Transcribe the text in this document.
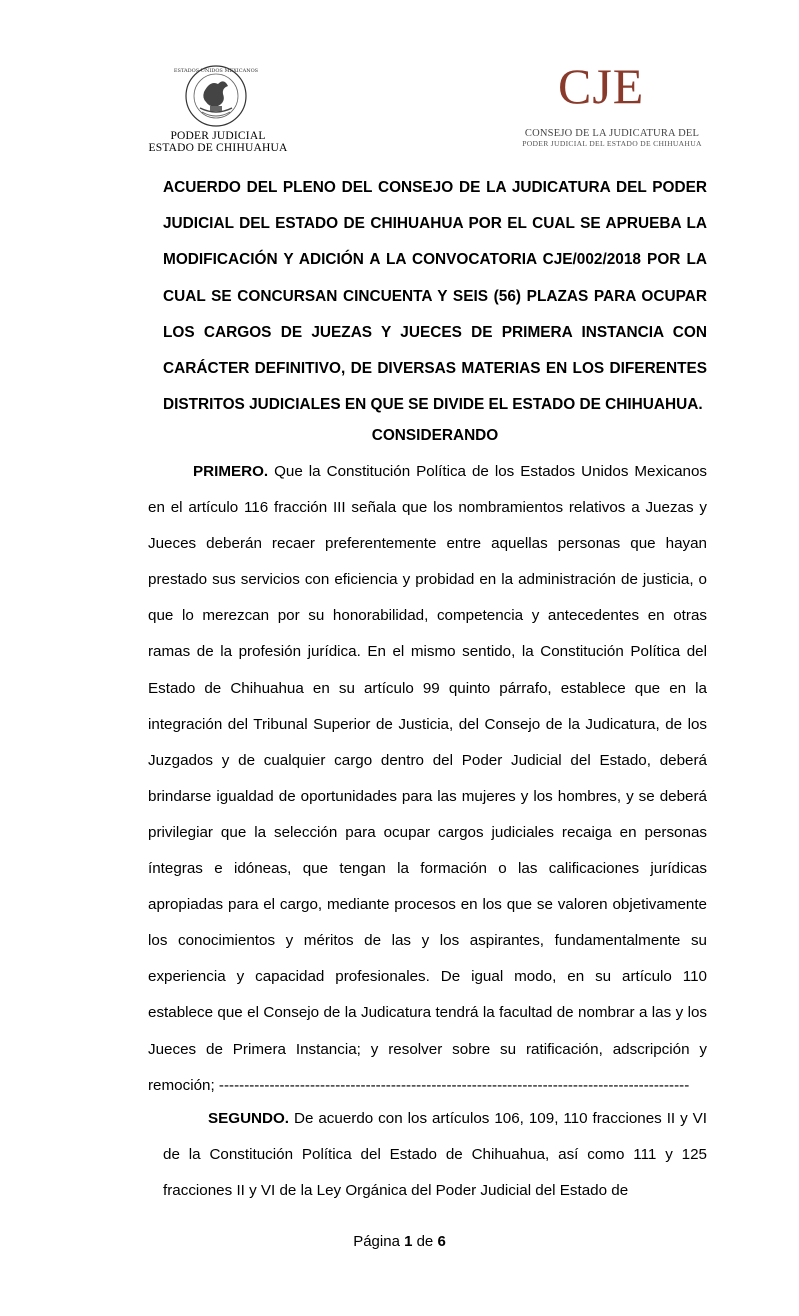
ESTADOS UNIDOS MEXICANOS
PODER JUDICIAL
ESTADO DE CHIHUAHUA
CJE
CONSEJO DE LA JUDICATURA DEL
PODER JUDICIAL DEL ESTADO DE CHIHUAHUA

ACUERDO DEL PLENO DEL CONSEJO DE LA JUDICATURA DEL PODER JUDICIAL DEL ESTADO DE CHIHUAHUA POR EL CUAL SE APRUEBA LA MODIFICACIÓN Y ADICIÓN A LA CONVOCATORIA CJE/002/2018 POR LA CUAL SE CONCURSAN CINCUENTA Y SEIS (56) PLAZAS PARA OCUPAR LOS CARGOS DE JUEZAS Y JUECES DE PRIMERA INSTANCIA CON CARÁCTER DEFINITIVO, DE DIVERSAS MATERIAS EN LOS DIFERENTES DISTRITOS JUDICIALES EN QUE SE DIVIDE EL ESTADO DE CHIHUAHUA.

CONSIDERANDO

PRIMERO. Que la Constitución Política de los Estados Unidos Mexicanos en el artículo 116 fracción III señala que los nombramientos relativos a Juezas y Jueces deberán recaer preferentemente entre aquellas personas que hayan prestado sus servicios con eficiencia y probidad en la administración de justicia, o que lo merezcan por su honorabilidad, competencia y antecedentes en otras ramas de la profesión jurídica. En el mismo sentido, la Constitución Política del Estado de Chihuahua en su artículo 99 quinto párrafo, establece que en la integración del Tribunal Superior de Justicia, del Consejo de la Judicatura, de los Juzgados y de cualquier cargo dentro del Poder Judicial del Estado, deberá brindarse igualdad de oportunidades para las mujeres y los hombres, y se deberá privilegiar que la selección para ocupar cargos judiciales recaiga en personas íntegras e idóneas, que tengan la formación o las calificaciones jurídicas apropiadas para el cargo, mediante procesos en los que se valoren objetivamente los conocimientos y méritos de las y los aspirantes, fundamentalmente su experiencia y capacidad profesionales. De igual modo, en su artículo 110 establece que el Consejo de la Judicatura tendrá la facultad de nombrar a las y los Jueces de Primera Instancia; y resolver sobre su ratificación, adscripción y remoción; ---------------------------------------------------------------------------------------------

SEGUNDO. De acuerdo con los artículos 106, 109, 110 fracciones II y VI de la Constitución Política del Estado de Chihuahua, así como 111 y 125 fracciones II y VI de la Ley Orgánica del Poder Judicial del Estado de

Página 1 de 6
